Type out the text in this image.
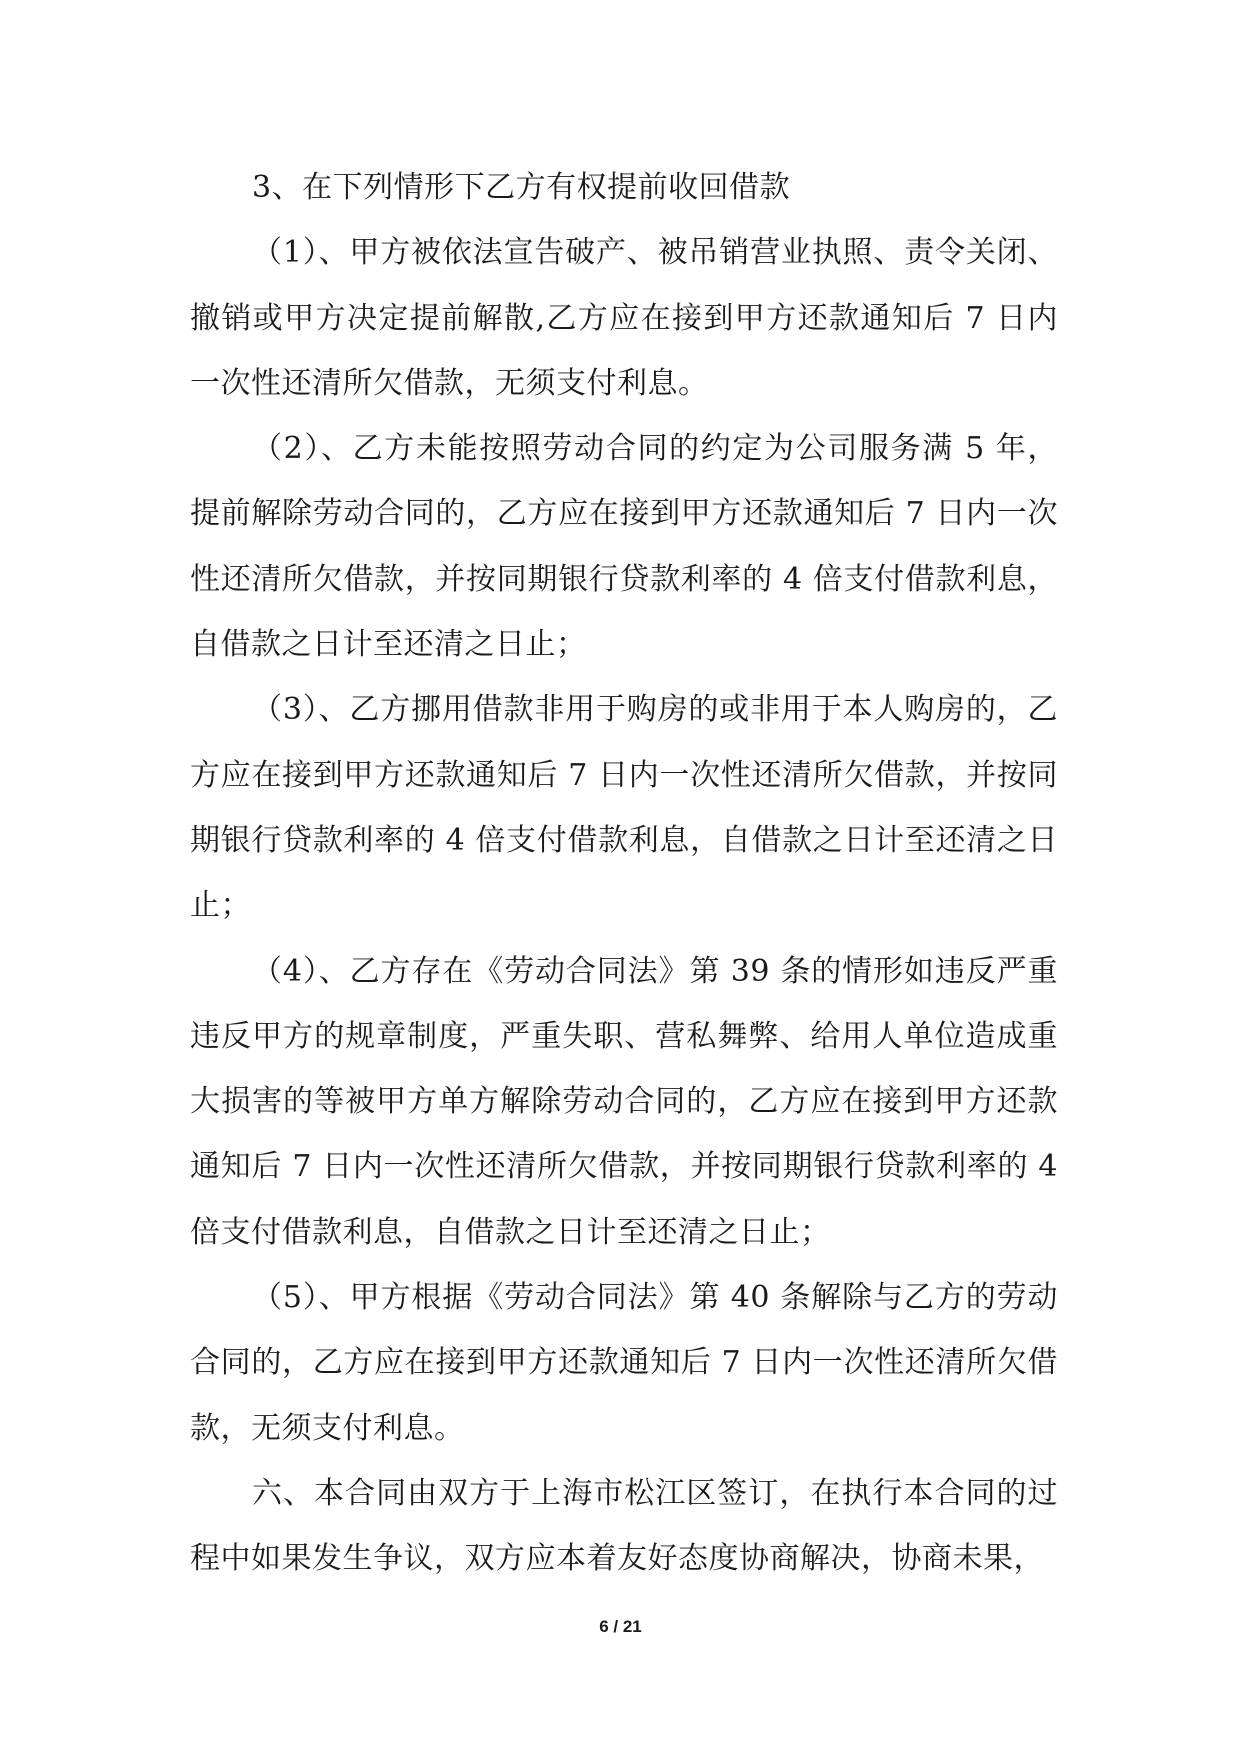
3、在下列情形下乙方有权提前收回借款

（1）、甲方被依法宣告破产、被吊销营业执照、责令关闭、撤销或甲方决定提前解散,乙方应在接到甲方还款通知后 7 日内一次性还清所欠借款，无须支付利息。

（2）、乙方未能按照劳动合同的约定为公司服务满 5 年，提前解除劳动合同的，乙方应在接到甲方还款通知后 7 日内一次性还清所欠借款，并按同期银行贷款利率的 4 倍支付借款利息，自借款之日计至还清之日止；

（3）、乙方挪用借款非用于购房的或非用于本人购房的，乙方应在接到甲方还款通知后 7 日内一次性还清所欠借款，并按同期银行贷款利率的 4 倍支付借款利息，自借款之日计至还清之日止；

（4）、乙方存在《劳动合同法》第 39 条的情形如违反严重违反甲方的规章制度，严重失职、营私舞弊、给用人单位造成重大损害的等被甲方单方解除劳动合同的，乙方应在接到甲方还款通知后 7 日内一次性还清所欠借款，并按同期银行贷款利率的 4 倍支付借款利息，自借款之日计至还清之日止；

（5）、甲方根据《劳动合同法》第 40 条解除与乙方的劳动合同的，乙方应在接到甲方还款通知后 7 日内一次性还清所欠借款，无须支付利息。

六、本合同由双方于上海市松江区签订，在执行本合同的过程中如果发生争议，双方应本着友好态度协商解决，协商未果，

6 / 21
